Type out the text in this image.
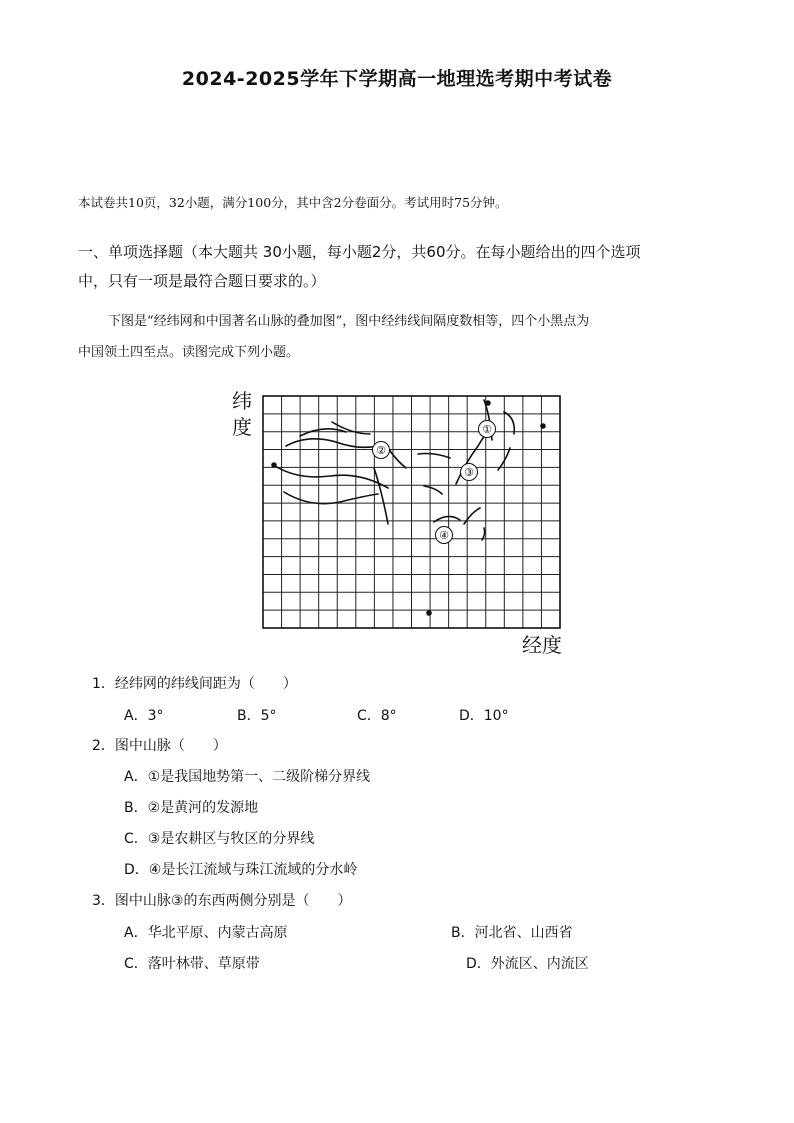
2024-2025学年下学期高一地理选考期中考试卷
本试卷共10页，32小题，满分100分，其中含2分卷面分。考试用时75分钟。
一、单项选择题（本大题共 30小题，每小题2分，共60分。在每小题给出的四个选项
中，只有一项是最符合题日要求的。）
下图是“经纬网和中国著名山脉的叠加图”，图中经纬线间隔度数相等，四个小黑点为
中国领土四至点。读图完成下列小题。
纬
度	①
②
③
④
经度
1．经纬网的纬线间距为（　　）
A．3°	B．5°	C．8°	D．10°
2．图中山脉（　　）
A．①是我国地势第一、二级阶梯分界线
B．②是黄河的发源地
C．③是农耕区与牧区的分界线
D．④是长江流域与珠江流域的分水岭
3．图中山脉③的东西两侧分别是（　　）
A．华北平原、内蒙古高原	B．河北省、山西省
C．落叶林带、草原带	D．外流区、内流区
